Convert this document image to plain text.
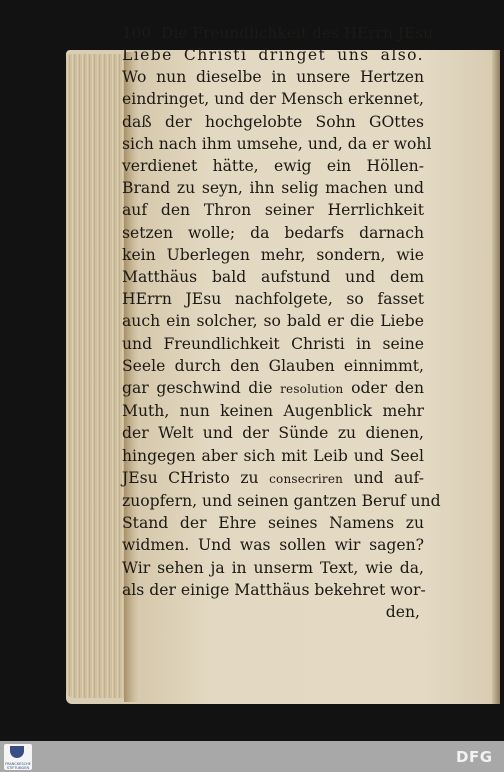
100 Die Freundlichkeit des HErrn JEsu
Liebe Christi dringet uns also.
Wo nun dieselbe in unsere Hertzen
eindringet, und der Mensch erkennet,
daß der hochgelobte Sohn GOttes
sich nach ihm umsehe, und, da er wohl
verdienet hätte, ewig ein Höllen-
Brand zu seyn, ihn selig machen und
auf den Thron seiner Herrlichkeit
setzen wolle; da bedarfs darnach
kein Uberlegen mehr, sondern, wie
Matthäus bald aufstund und dem
HErrn JEsu nachfolgete, so fasset
auch ein solcher, so bald er die Liebe
und Freundlichkeit Christi in seine
Seele durch den Glauben einnimmt,
gar geschwind die resolution oder den
Muth, nun keinen Augenblick mehr
der Welt und der Sünde zu dienen,
hingegen aber sich mit Leib und Seel
JEsu CHristo zu consecriren und auf-
zuopfern, und seinen gantzen Beruf und
Stand der Ehre seines Namens zu
widmen. Und was sollen wir sagen?
Wir sehen ja in unserm Text, wie da,
als der einige Matthäus bekehret wor-
den,
FRANCKESCHE STIFTUNGEN
DFG
